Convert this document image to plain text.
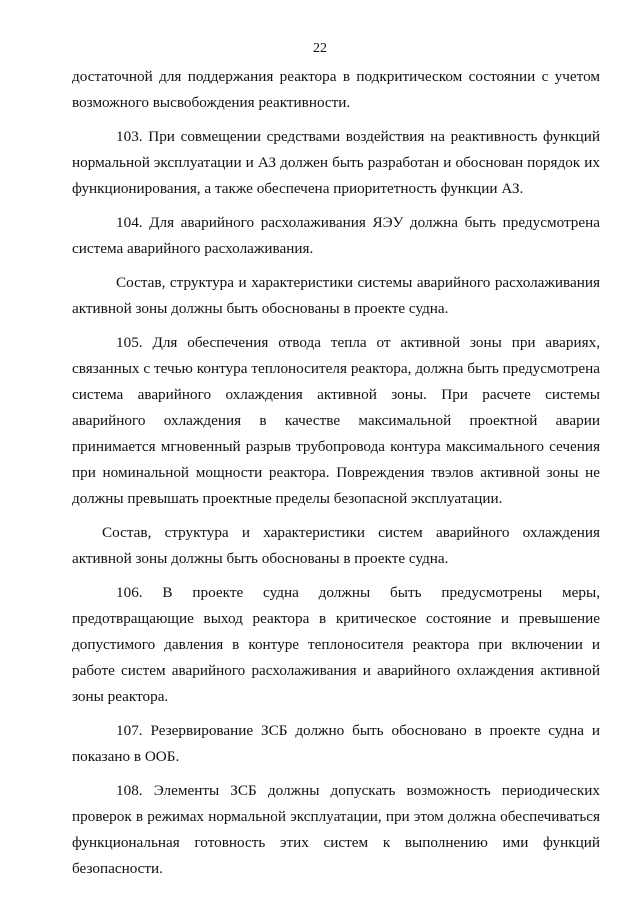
22

достаточной для поддержания реактора в подкритическом состоянии с учетом возможного высвобождения реактивности.

103. При совмещении средствами воздействия на реактивность функций нормальной эксплуатации и АЗ должен быть разработан и обоснован порядок их функционирования, а также обеспечена приоритетность функции АЗ.

104. Для аварийного расхолаживания ЯЭУ должна быть предусмотрена система аварийного расхолаживания.

Состав, структура и характеристики системы аварийного расхолаживания активной зоны должны быть обоснованы в проекте судна.

105. Для обеспечения отвода тепла от активной зоны при авариях, связанных с течью контура теплоносителя реактора, должна быть предусмотрена система аварийного охлаждения активной зоны. При расчете системы аварийного охлаждения в качестве максимальной проектной аварии принимается мгновенный разрыв трубопровода контура максимального сечения при номинальной мощности реактора. Повреждения твэлов активной зоны не должны превышать проектные пределы безопасной эксплуатации.

Состав, структура и характеристики систем аварийного охлаждения активной зоны должны быть обоснованы в проекте судна.

106. В проекте судна должны быть предусмотрены меры, предотвращающие выход реактора в критическое состояние и превышение допустимого давления в контуре теплоносителя реактора при включении и работе систем аварийного расхолаживания и аварийного охлаждения активной зоны реактора.

107. Резервирование ЗСБ должно быть обосновано в проекте судна и показано в ООБ.

108. Элементы ЗСБ должны допускать возможность периодических проверок в режимах нормальной эксплуатации, при этом должна обеспечиваться функциональная готовность этих систем к выполнению ими функций безопасности.
